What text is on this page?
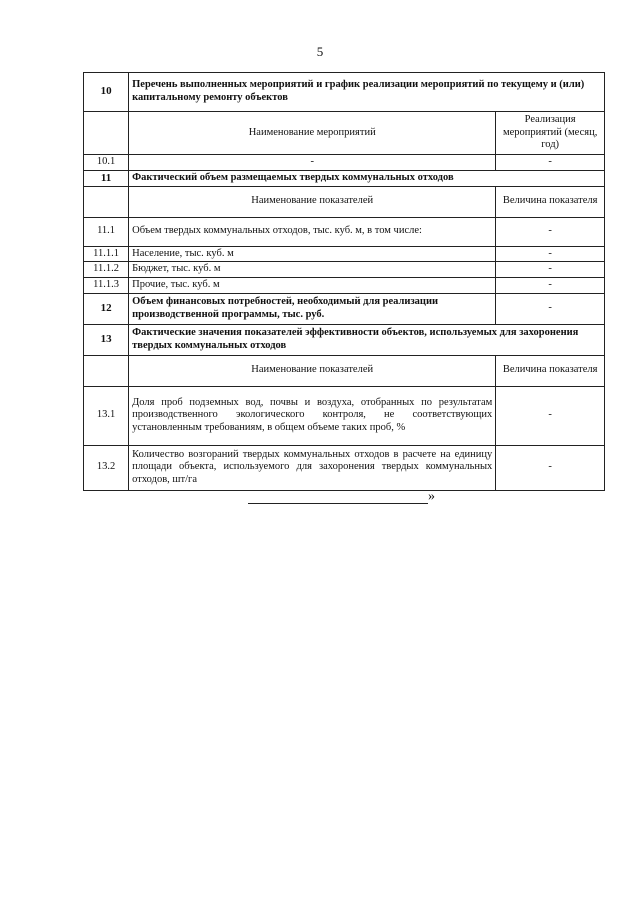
5
10	Перечень выполненных мероприятий и график реализации мероприятий по текущему и (или) капитальному ремонту объектов	
	Наименование мероприятий	Реализация мероприятий (месяц, год)
10.1	-	-
11	Фактический объем размещаемых твердых коммунальных отходов	
	Наименование показателей	Величина показателя
11.1	Объем твердых коммунальных отходов, тыс. куб. м, в том числе:	-
11.1.1	Население, тыс. куб. м	-
11.1.2	Бюджет, тыс. куб. м	-
11.1.3	Прочие, тыс. куб. м	-
12	Объем финансовых потребностей, необходимый для реализации производственной программы, тыс. руб.	-
13	Фактические значения показателей эффективности объектов, используемых для захоронения твердых коммунальных отходов	
	Наименование показателей	Величина показателя
13.1	Доля проб подземных вод, почвы и воздуха, отобранных по результатам производственного экологического контроля, не соответствующих установленным требованиям, в общем объеме таких проб, %	-
13.2	Количество возгораний твердых коммунальных отходов в расчете на единицу площади объекта, используемого для захоронения твердых коммунальных отходов, шт/га	-
»
